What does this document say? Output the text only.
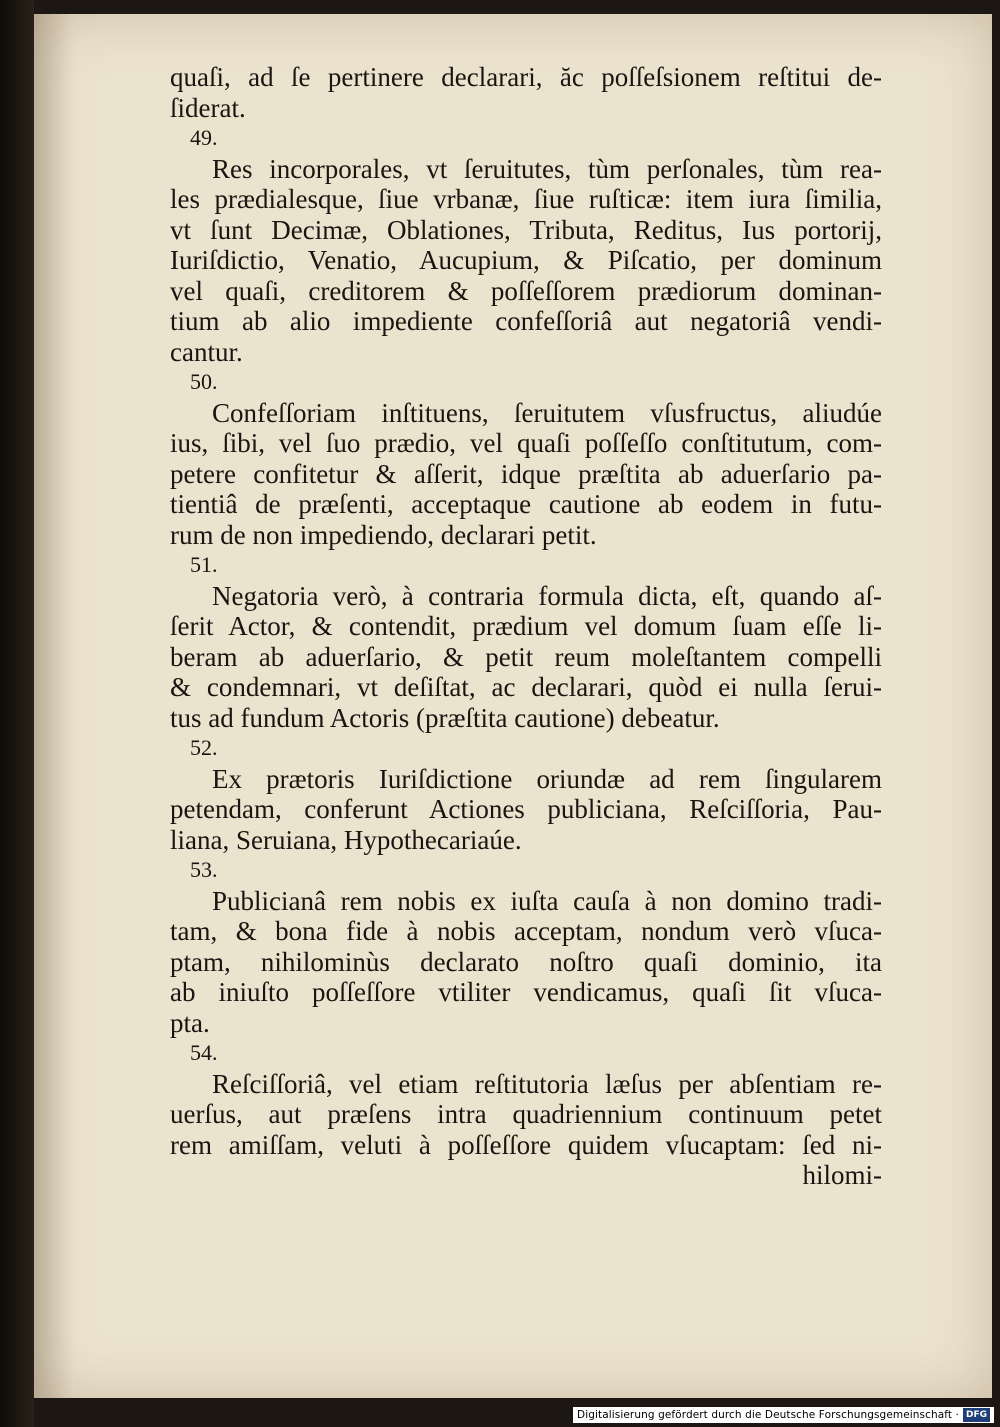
quaſi, ad ſe pertinere declarari, ăc poſſeſsionem reſtitui de-
ſiderat.
49.
Res incorporales, vt ſeruitutes, tùm perſonales, tùm rea-
les prædialesque, ſiue vrbanæ, ſiue ruſticæ: item iura ſimilia,
vt ſunt Decimæ, Oblationes, Tributa, Reditus, Ius portorij,
Iuriſdictio, Venatio, Aucupium, & Piſcatio, per dominum
vel quaſi, creditorem & poſſeſſorem prædiorum dominan-
tium ab alio impediente confeſſoriâ aut negatoriâ vendi-
cantur.
50.
Confeſſoriam inſtituens, ſeruitutem vſusfructus, aliudúe
ius, ſibi, vel ſuo prædio, vel quaſi poſſeſſo conſtitutum, com-
petere confitetur & aſſerit, idque præſtita ab aduerſario pa-
tientiâ de præſenti, acceptaque cautione ab eodem in futu-
rum de non impediendo, declarari petit.
51.
Negatoria verò, à contraria formula dicta, eſt, quando aſ-
ſerit Actor, & contendit, prædium vel domum ſuam eſſe li-
beram ab aduerſario, & petit reum moleſtantem compelli
& condemnari, vt deſiſtat, ac declarari, quòd ei nulla ſerui-
tus ad fundum Actoris (præſtita cautione) debeatur.
52.
Ex prætoris Iuriſdictione oriundæ ad rem ſingularem
petendam, conferunt Actiones publiciana, Reſciſſoria, Pau-
liana, Seruiana, Hypothecariaúe.
53.
Publicianâ rem nobis ex iuſta cauſa à non domino tradi-
tam, & bona fide à nobis acceptam, nondum verò vſuca-
ptam, nihilominùs declarato noſtro quaſi dominio, ita
ab iniuſto poſſeſſore vtiliter vendicamus, quaſi ſit vſuca-
pta.
54.
Reſciſſoriâ, vel etiam reſtitutoria læſus per abſentiam re-
uerſus, aut præſens intra quadriennium continuum petet
rem amiſſam, veluti à poſſeſſore quidem vſucaptam: ſed ni-
hilomi-
Digitalisierung gefördert durch die Deutsche Forschungsgemeinschaft · DFG
